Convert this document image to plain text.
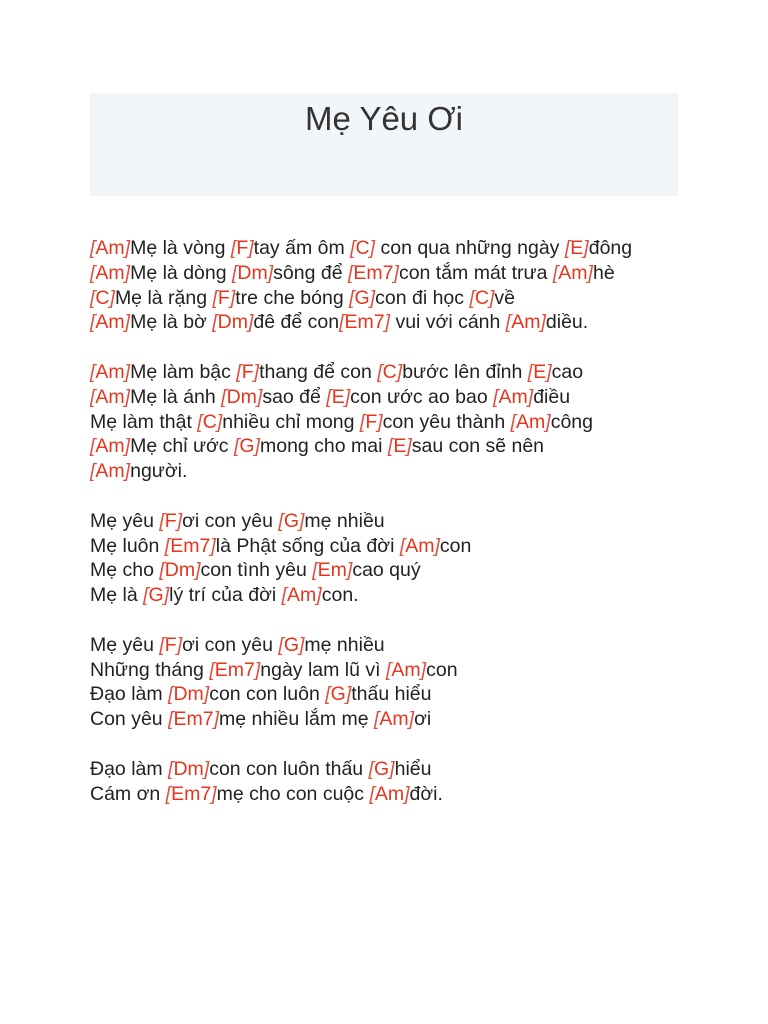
Mẹ Yêu Ơi
[Am]Mẹ là vòng [F]tay ấm ôm [C] con qua những ngày [E]đông
[Am]Mẹ là dòng [Dm]sông để [Em7]con tắm mát trưa [Am]hè
[C]Mẹ là rặng [F]tre che bóng [G]con đi học [C]về
[Am]Mẹ là bờ [Dm]đê để con[Em7] vui với cánh [Am]diều.
[Am]Mẹ làm bậc [F]thang để con [C]bước lên đỉnh [E]cao
[Am]Mẹ là ánh [Dm]sao để [E]con ước ao bao [Am]điều
Mẹ làm thật [C]nhiều chỉ mong [F]con yêu thành [Am]công
[Am]Mẹ chỉ ước [G]mong cho mai [E]sau con sẽ nên
[Am]người.
Mẹ yêu [F]ơi con yêu [G]mẹ nhiều
Mẹ luôn [Em7]là Phật sống của đời [Am]con
Mẹ cho [Dm]con tình yêu [Em]cao quý
Mẹ là [G]lý trí của đời [Am]con.
Mẹ yêu [F]ơi con yêu [G]mẹ nhiều
Những tháng [Em7]ngày lam lũ vì [Am]con
Đạo làm [Dm]con con luôn [G]thấu hiểu
Con yêu [Em7]mẹ nhiều lắm mẹ [Am]ơi
Đạo làm [Dm]con con luôn thấu [G]hiểu
Cám ơn [Em7]mẹ cho con cuộc [Am]đời.
